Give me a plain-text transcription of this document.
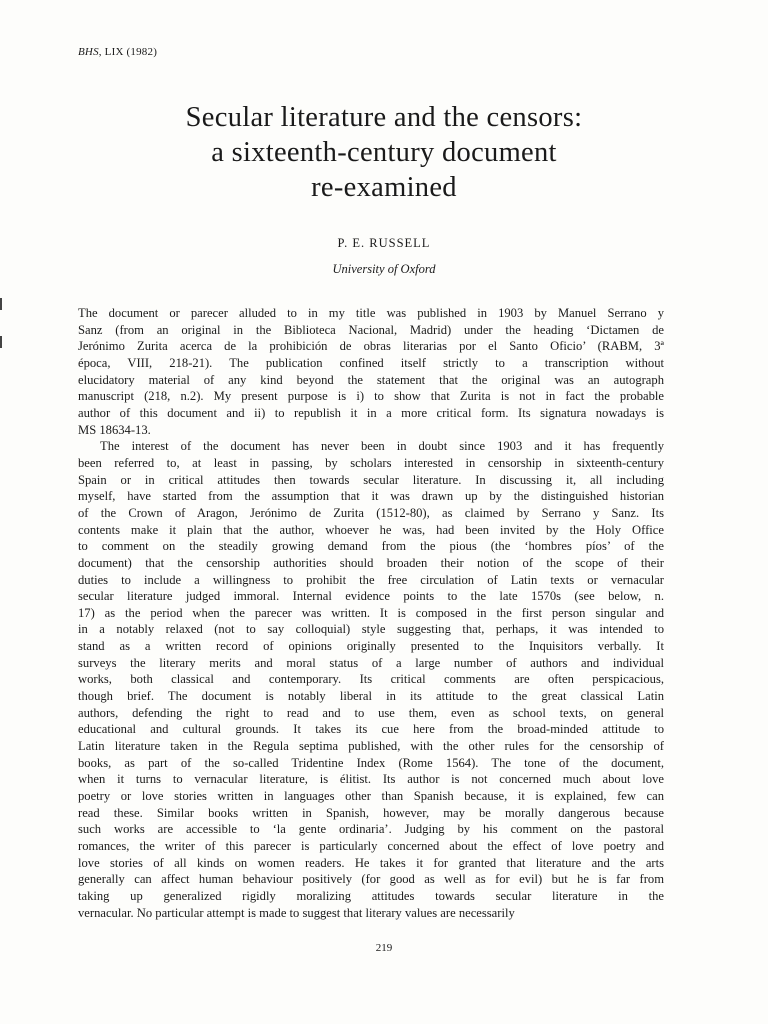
BHS, LIX (1982)
Secular literature and the censors:
a sixteenth-century document
re-examined
P. E. RUSSELL
University of Oxford
The document or parecer alluded to in my title was published in 1903 by Manuel Serrano y
Sanz (from an original in the Biblioteca Nacional, Madrid) under the heading ‘Dictamen de
Jerónimo Zurita acerca de la prohibición de obras literarias por el Santo Oficio’ (RABM, 3ª
época, VIII, 218-21). The publication confined itself strictly to a transcription without
elucidatory material of any kind beyond the statement that the original was an autograph
manuscript (218, n.2). My present purpose is i) to show that Zurita is not in fact the probable
author of this document and ii) to republish it in a more critical form. Its signatura nowadays is
MS 18634-13.
The interest of the document has never been in doubt since 1903 and it has frequently
been referred to, at least in passing, by scholars interested in censorship in sixteenth-century
Spain or in critical attitudes then towards secular literature. In discussing it, all including
myself, have started from the assumption that it was drawn up by the distinguished historian
of the Crown of Aragon, Jerónimo de Zurita (1512-80), as claimed by Serrano y Sanz. Its
contents make it plain that the author, whoever he was, had been invited by the Holy Office
to comment on the steadily growing demand from the pious (the ‘hombres píos’ of the
document) that the censorship authorities should broaden their notion of the scope of their
duties to include a willingness to prohibit the free circulation of Latin texts or vernacular
secular literature judged immoral. Internal evidence points to the late 1570s (see below, n.
17) as the period when the parecer was written. It is composed in the first person singular and
in a notably relaxed (not to say colloquial) style suggesting that, perhaps, it was intended to
stand as a written record of opinions originally presented to the Inquisitors verbally. It
surveys the literary merits and moral status of a large number of authors and individual
works, both classical and contemporary. Its critical comments are often perspicacious,
though brief. The document is notably liberal in its attitude to the great classical Latin
authors, defending the right to read and to use them, even as school texts, on general
educational and cultural grounds. It takes its cue here from the broad-minded attitude to
Latin literature taken in the Regula septima published, with the other rules for the censorship of
books, as part of the so-called Tridentine Index (Rome 1564). The tone of the document,
when it turns to vernacular literature, is élitist. Its author is not concerned much about love
poetry or love stories written in languages other than Spanish because, it is explained, few can
read these. Similar books written in Spanish, however, may be morally dangerous because
such works are accessible to ‘la gente ordinaria’. Judging by his comment on the pastoral
romances, the writer of this parecer is particularly concerned about the effect of love poetry and
love stories of all kinds on women readers. He takes it for granted that literature and the arts
generally can affect human behaviour positively (for good as well as for evil) but he is far from
taking up generalized rigidly moralizing attitudes towards secular literature in the
vernacular. No particular attempt is made to suggest that literary values are necessarily
219
